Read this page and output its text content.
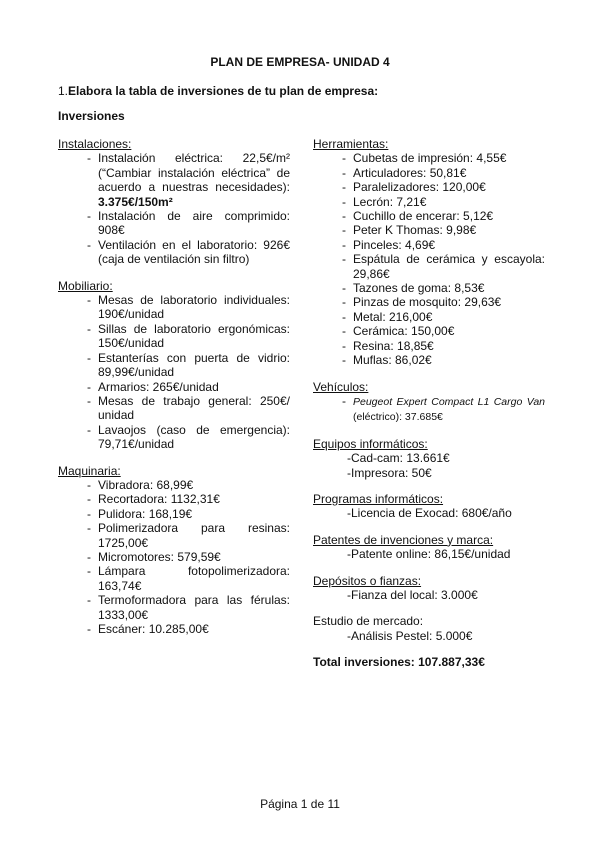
PLAN DE EMPRESA- UNIDAD 4
1.Elabora la tabla de inversiones de tu plan de empresa:
Inversiones
Instalaciones:
- Instalación eléctrica: 22,5€/m² (“Cambiar instalación eléctrica” de acuerdo a nuestras necesidades): 3.375€/150m²
- Instalación de aire comprimido: 908€
- Ventilación en el laboratorio: 926€ (caja de ventilación sin filtro)
Mobiliario:
- Mesas de laboratorio individuales: 190€/unidad
- Sillas de laboratorio ergonómicas: 150€/unidad
- Estanterías con puerta de vidrio: 89,99€/unidad
- Armarios: 265€/unidad
- Mesas de trabajo general: 250€/ unidad
- Lavaojos (caso de emergencia): 79,71€/unidad
Maquinaria:
- Vibradora: 68,99€
- Recortadora: 1132,31€
- Pulidora: 168,19€
- Polimerizadora para resinas: 1725,00€
- Micromotores: 579,59€
- Lámpara fotopolimerizadora: 163,74€
- Termoformadora para las férulas: 1333,00€
- Escáner: 10.285,00€
Herramientas:
- Cubetas de impresión: 4,55€
- Articuladores: 50,81€
- Paralelizadores: 120,00€
- Lecrón: 7,21€
- Cuchillo de encerar: 5,12€
- Peter K Thomas: 9,98€
- Pinceles: 4,69€
- Espátula de cerámica y escayola: 29,86€
- Tazones de goma: 8,53€
- Pinzas de mosquito: 29,63€
- Metal: 216,00€
- Cerámica: 150,00€
- Resina: 18,85€
- Muflas: 86,02€
Vehículos:
- Peugeot Expert Compact L1 Cargo Van (eléctrico): 37.685€
Equipos informáticos:
-Cad-cam: 13.661€
-Impresora: 50€
Programas informáticos:
-Licencia de Exocad: 680€/año
Patentes de invenciones y marca:
-Patente online: 86,15€/unidad
Depósitos o fianzas:
-Fianza del local: 3.000€
Estudio de mercado:
-Análisis Pestel: 5.000€
Total inversiones: 107.887,33€
Página 1 de 11
